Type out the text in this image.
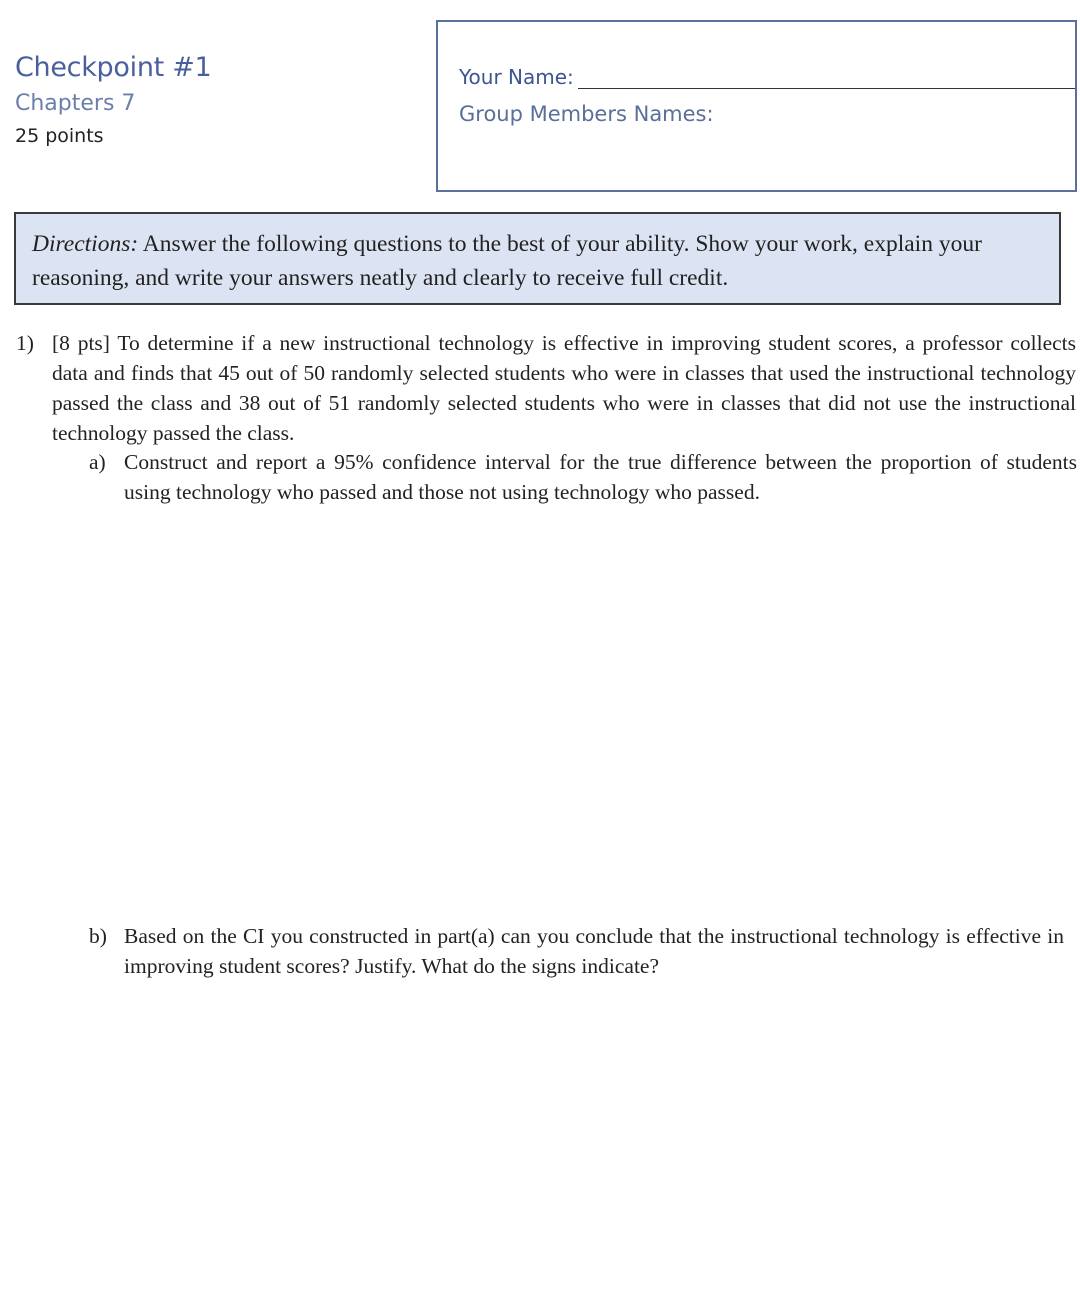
Checkpoint #1
Chapters 7
25 points
Your Name:
Group Members Names:
Directions: Answer the following questions to the best of your ability. Show your work, explain your reasoning, and write your answers neatly and clearly to receive full credit.
1) [8 pts] To determine if a new instructional technology is effective in improving student scores, a professor collects data and finds that 45 out of 50 randomly selected students who were in classes that used the instructional technology passed the class and 38 out of 51 randomly selected students who were in classes that did not use the instructional technology passed the class.
a) Construct and report a 95% confidence interval for the true difference between the proportion of students using technology who passed and those not using technology who passed.
b) Based on the CI you constructed in part(a) can you conclude that the instructional technology is effective in improving student scores? Justify. What do the signs indicate?
